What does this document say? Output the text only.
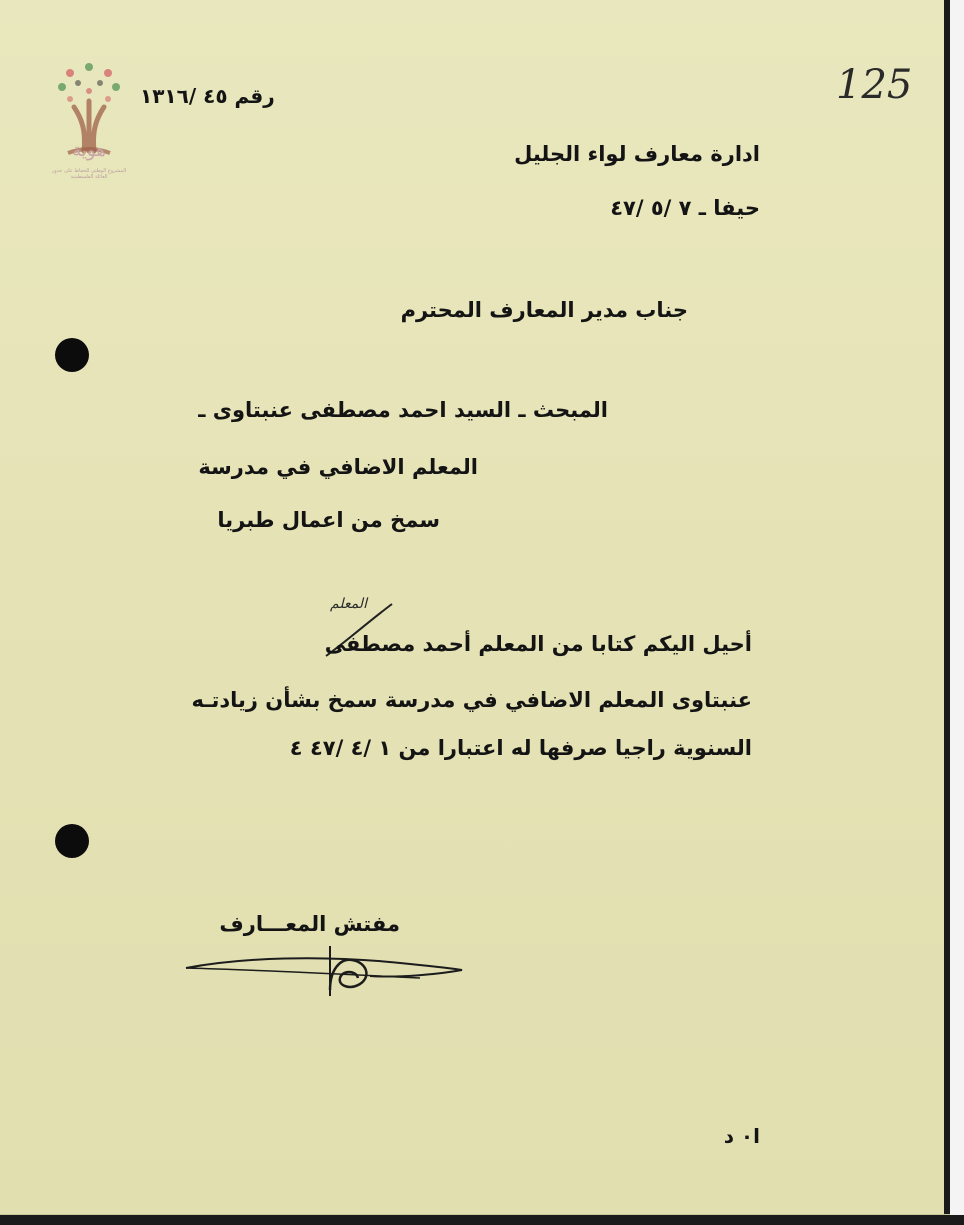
هوية
المشروع الوطني للحفاظ على جذور العائلة الفلسطينية
رقم ٤٥ /١٣١٦	125
ادارة معارف لواء الجليل
حيفا ـ ٧ /٥ /٤٧
جناب مدير المعارف المحترم
المبحث ـ السيد احمد مصطفى عنبتاوى ـ
المعلم الاضافي في مدرسة
سمخ من اعمال طبريا
المعلم
أحيل اليكم كتابا من المعلم أحمد مصطفى
عنبتاوى المعلم الاضافي في مدرسة سمخ بشأن زيادتـه
السنوية راجيا صرفها له اعتبارا من ١ /٤ /٤٧ ٤
مفتش المعـــارف
ا٠ د
